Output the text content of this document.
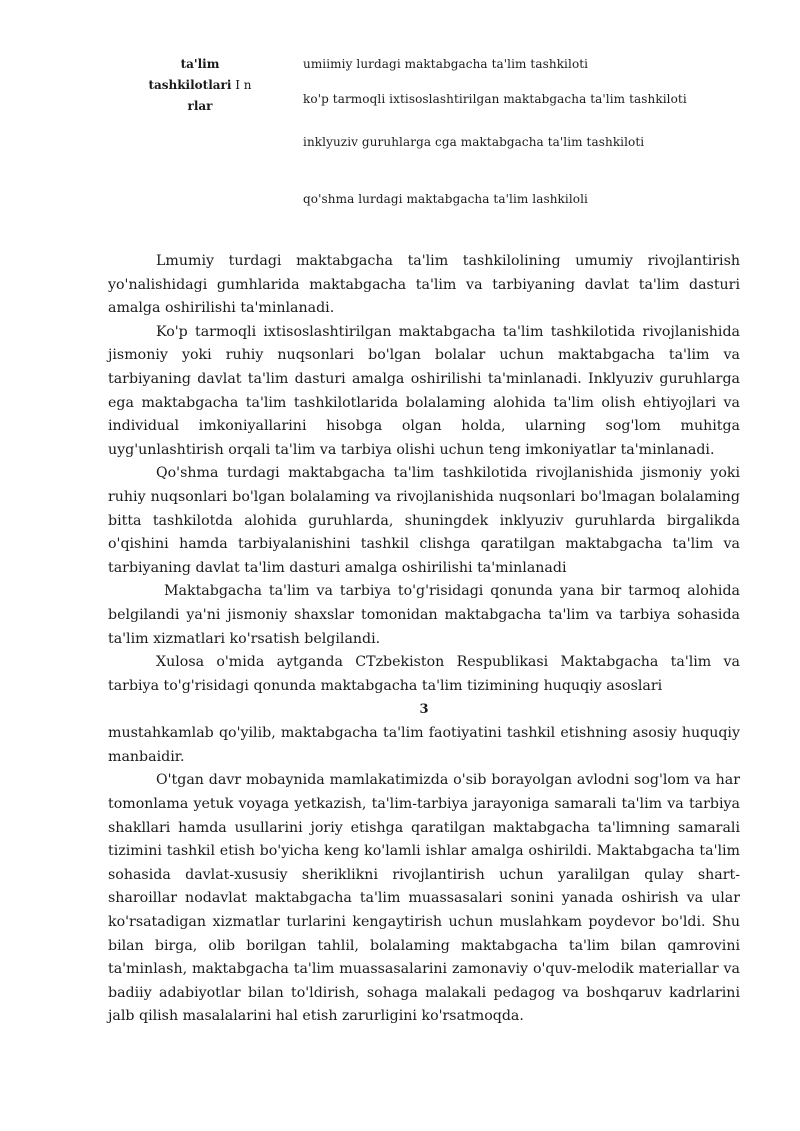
ta'lim
tashkilotlari I n
rlar
umiimiy lurdagi maktabgacha ta'lim tashkiloti
ko'p tarmoqli ixtisoslashtirilgan maktabgacha ta'lim tashkiloti
inklyuziv guruhlarga cga maktabgacha ta'lim tashkiloti
qo'shma lurdagi maktabgacha ta'lim lashkiloli

Lmumiy turdagi maktabgacha ta'lim tashkilolining umumiy rivojlantirish yo'nalishidagi gumhlarida maktabgacha ta'lim va tarbiyaning davlat ta'lim dasturi amalga oshirilishi ta'minlanadi.

Ko'p tarmoqli ixtisoslashtirilgan maktabgacha ta'lim tashkilotida rivojlanishida jismoniy yoki ruhiy nuqsonlari bo'lgan bolalar uchun maktabgacha ta'lim va tarbiyaning davlat ta'lim dasturi amalga oshirilishi ta'minlanadi. Inklyuziv guruhlarga ega maktabgacha ta'lim tashkilotlarida bolalaming alohida ta'lim olish ehtiyojlari va individual imkoniyallarini hisobga olgan holda, ularning sog'lom muhitga uyg'unlashtirish orqali ta'lim va tarbiya olishi uchun teng imkoniyatlar ta'minlanadi.

Qo'shma turdagi maktabgacha ta'lim tashkilotida rivojlanishida jismoniy yoki ruhiy nuqsonlari bo'lgan bolalaming va rivojlanishida nuqsonlari bo'lmagan bolalaming bitta tashkilotda alohida guruhlarda, shuningdek inklyuziv guruhlarda birgalikda o'qishini hamda tarbiyalanishini tashkil clishga qaratilgan maktabgacha ta'lim va tarbiyaning davlat ta'lim dasturi amalga oshirilishi ta'minlanadi

Maktabgacha ta'lim va tarbiya to'g'risidagi qonunda yana bir tarmoq alohida belgilandi ya'ni jismoniy shaxslar tomonidan maktabgacha ta'lim va tarbiya sohasida ta'lim xizmatlari ko'rsatish belgilandi.

Xulosa o'mida aytganda CTzbekiston Respublikasi Maktabgacha ta'lim va tarbiya to'g'risidagi qonunda maktabgacha ta'lim tizimining huquqiy asoslari

3

mustahkamlab qo'yilib, maktabgacha ta'lim faotiyatini tashkil etishning asosiy huquqiy manbaidir.

O'tgan davr mobaynida mamlakatimizda o'sib borayolgan avlodni sog'lom va har tomonlama yetuk voyaga yetkazish, ta'lim-tarbiya jarayoniga samarali ta'lim va tarbiya shakllari hamda usullarini joriy etishga qaratilgan maktabgacha ta'limning samarali tizimini tashkil etish bo'yicha keng ko'lamli ishlar amalga oshirildi. Maktabgacha ta'lim sohasida davlat-xususiy sheriklikni rivojlantirish uchun yaralilgan qulay shart-sharoillar nodavlat maktabgacha ta'lim muassasalari sonini yanada oshirish va ular ko'rsatadigan xizmatlar turlarini kengaytirish uchun muslahkam poydevor bo'ldi. Shu bilan birga, olib borilgan tahlil, bolalaming maktabgacha ta'lim bilan qamrovini ta'minlash, maktabgacha ta'lim muassasalarini zamonaviy o'quv-melodik materiallar va badiiy adabiyotlar bilan to'ldirish, sohaga malakali pedagog va boshqaruv kadrlarini jalb qilish masalalarini hal etish zarurligini ko'rsatmoqda.
